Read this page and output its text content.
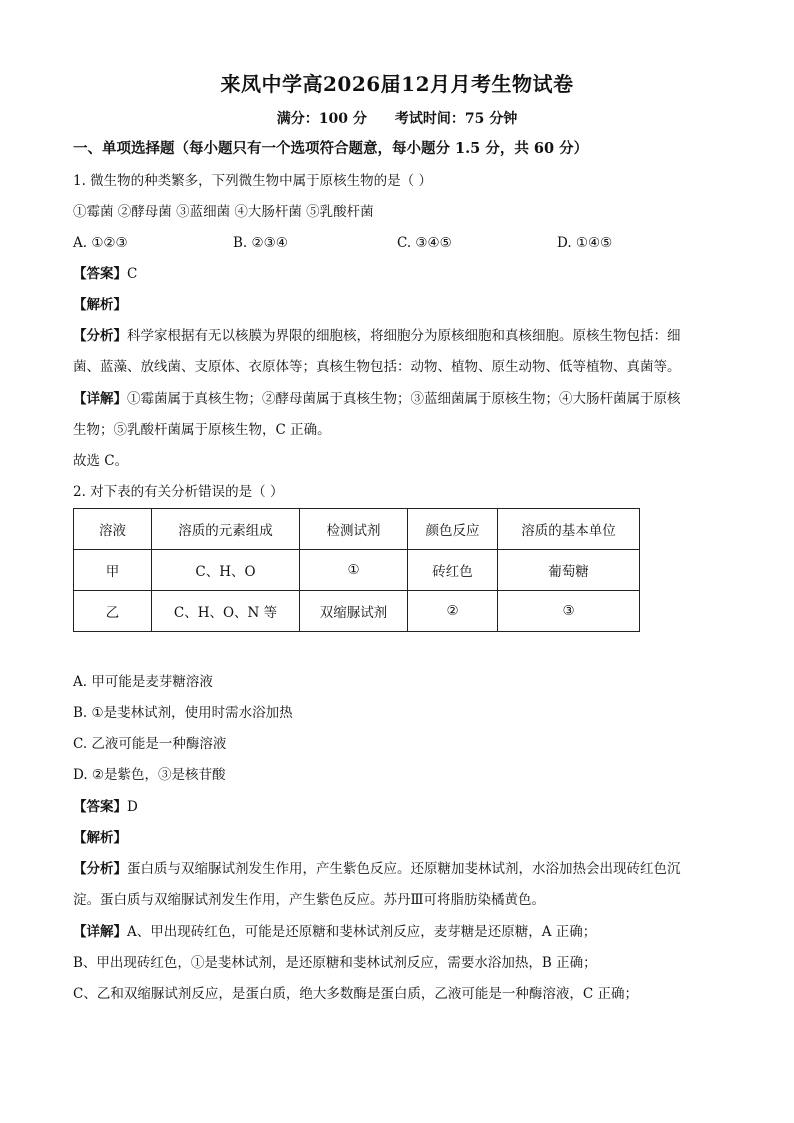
来凤中学高2026届12月月考生物试卷
满分：100 分 考试时间：75 分钟
一、单项选择题（每小题只有一个选项符合题意，每小题分 1.5 分，共 60 分）
1. 微生物的种类繁多，下列微生物中属于原核生物的是（ ）
①霉菌 ②酵母菌 ③蓝细菌 ④大肠杆菌 ⑤乳酸杆菌
A. ①②③	B. ②③④	C. ③④⑤	D. ①④⑤
【答案】C
【解析】
【分析】科学家根据有无以核膜为界限的细胞核，将细胞分为原核细胞和真核细胞。原核生物包括：细
菌、蓝藻、放线菌、支原体、衣原体等；真核生物包括：动物、植物、原生动物、低等植物、真菌等。
【详解】①霉菌属于真核生物；②酵母菌属于真核生物；③蓝细菌属于原核生物；④大肠杆菌属于原核
生物；⑤乳酸杆菌属于原核生物，C 正确。
故选 C。
2. 对下表的有关分析错误的是（ ）
溶液	溶质的元素组成	检测试剂	颜色反应	溶质的基本单位
甲	C、H、O	①	砖红色	葡萄糖
乙	C、H、O、N 等	双缩脲试剂	②	③
A. 甲可能是麦芽糖溶液
B. ①是斐林试剂，使用时需水浴加热
C. 乙液可能是一种酶溶液
D. ②是紫色，③是核苷酸
【答案】D
【解析】
【分析】蛋白质与双缩脲试剂发生作用，产生紫色反应。还原糖加斐林试剂，水浴加热会出现砖红色沉
淀。蛋白质与双缩脲试剂发生作用，产生紫色反应。苏丹Ⅲ可将脂肪染橘黄色。
【详解】A、甲出现砖红色，可能是还原糖和斐林试剂反应，麦芽糖是还原糖，A 正确；
B、甲出现砖红色，①是斐林试剂，是还原糖和斐林试剂反应，需要水浴加热，B 正确；
C、乙和双缩脲试剂反应，是蛋白质，绝大多数酶是蛋白质，乙液可能是一种酶溶液，C 正确；
